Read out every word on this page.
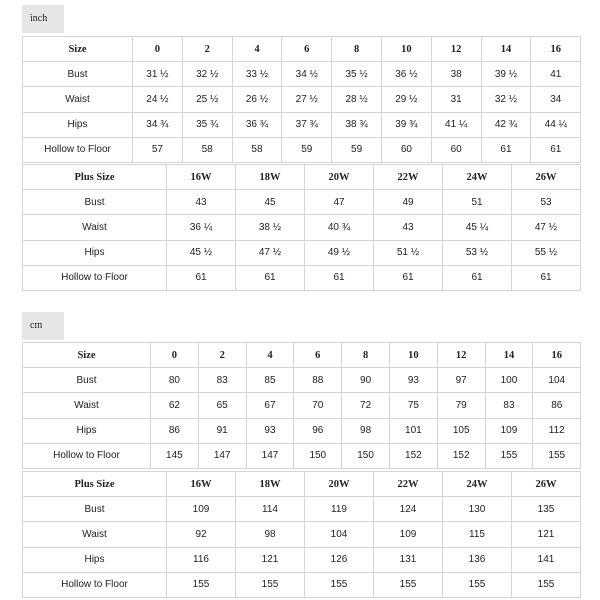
inch
Size	0	2	4	6	8	10	12	14	16
Bust	31 ½	32 ½	33 ½	34 ½	35 ½	36 ½	38	39 ½	41
Waist	24 ½	25 ½	26 ½	27 ½	28 ½	29 ½	31	32 ½	34
Hips	34 ¾	35 ¾	36 ¾	37 ¾	38 ¾	39 ¾	41 ¼	42 ¾	44 ¼
Hollow to Floor	57	58	58	59	59	60	60	61	61
Plus Size	16W	18W	20W	22W	24W	26W
Bust	43	45	47	49	51	53
Waist	36 ¼	38 ½	40 ¾	43	45 ¼	47 ½
Hips	45 ½	47 ½	49 ½	51 ½	53 ½	55 ½
Hollow to Floor	61	61	61	61	61	61
cm
Size	0	2	4	6	8	10	12	14	16
Bust	80	83	85	88	90	93	97	100	104
Waist	62	65	67	70	72	75	79	83	86
Hips	86	91	93	96	98	101	105	109	112
Hollow to Floor	145	147	147	150	150	152	152	155	155
Plus Size	16W	18W	20W	22W	24W	26W
Bust	109	114	119	124	130	135
Waist	92	98	104	109	115	121
Hips	116	121	126	131	136	141
Hollow to Floor	155	155	155	155	155	155
